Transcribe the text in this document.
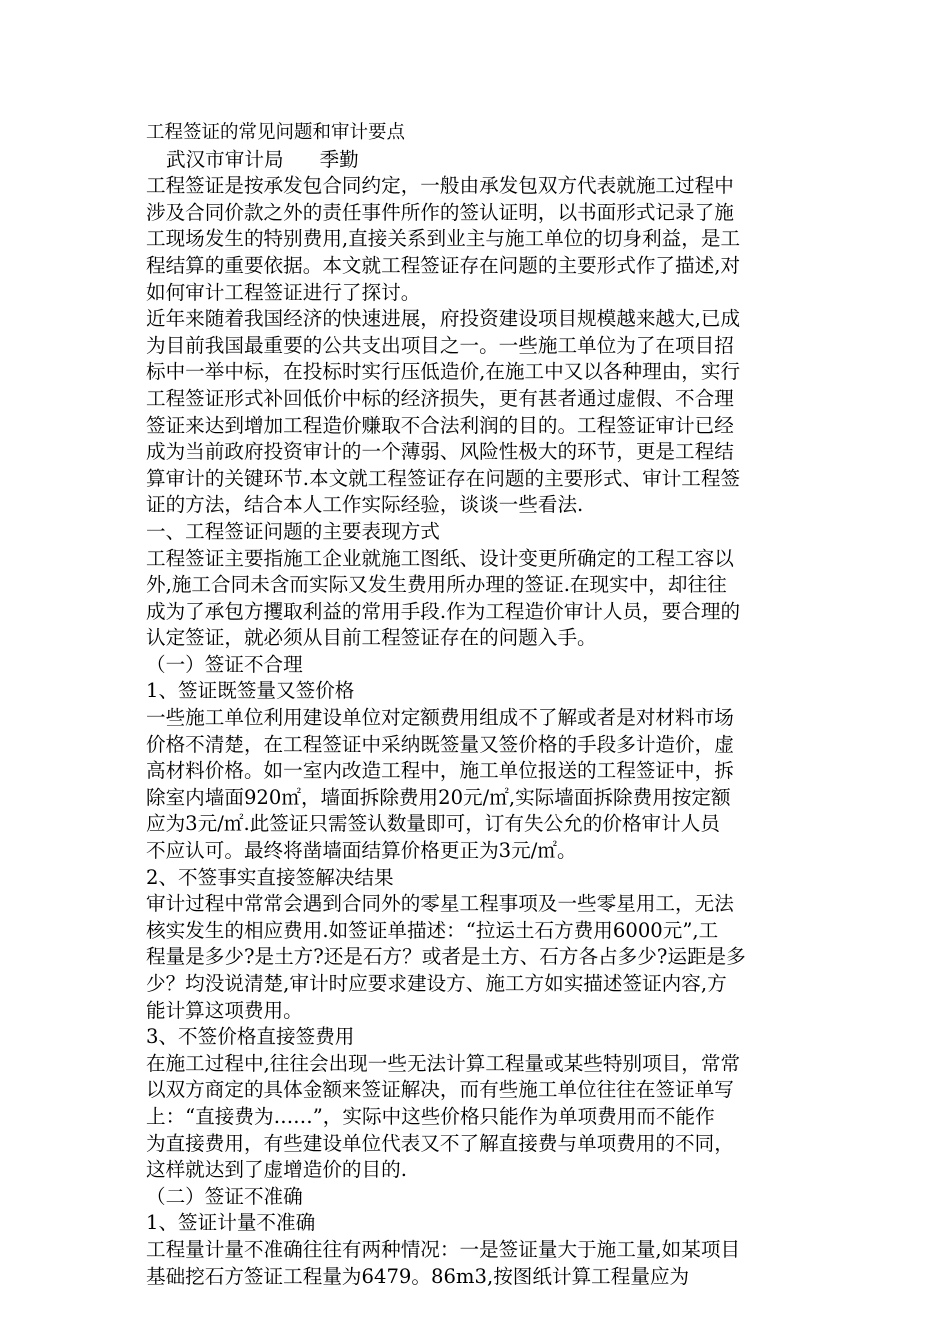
工程签证的常见问题和审计要点
武汉市审计局 季勤
工程签证是按承发包合同约定，一般由承发包双方代表就施工过程中
涉及合同价款之外的责任事件所作的签认证明，以书面形式记录了施
工现场发生的特别费用,直接关系到业主与施工单位的切身利益，是工
程结算的重要依据。本文就工程签证存在问题的主要形式作了描述,对
如何审计工程签证进行了探讨。
近年来随着我国经济的快速进展，府投资建设项目规模越来越大,已成
为目前我国最重要的公共支出项目之一。一些施工单位为了在项目招
标中一举中标，在投标时实行压低造价,在施工中又以各种理由，实行
工程签证形式补回低价中标的经济损失，更有甚者通过虚假、不合理
签证来达到增加工程造价赚取不合法利润的目的。工程签证审计已经
成为当前政府投资审计的一个薄弱、风险性极大的环节，更是工程结
算审计的关键环节.本文就工程签证存在问题的主要形式、审计工程签
证的方法，结合本人工作实际经验，谈谈一些看法.
一、工程签证问题的主要表现方式
工程签证主要指施工企业就施工图纸、设计变更所确定的工程工容以
外,施工合同未含而实际又发生费用所办理的签证.在现实中，却往往
成为了承包方攫取利益的常用手段.作为工程造价审计人员，要合理的
认定签证，就必须从目前工程签证存在的问题入手。
（一）签证不合理
1、签证既签量又签价格
一些施工单位利用建设单位对定额费用组成不了解或者是对材料市场
价格不清楚，在工程签证中采纳既签量又签价格的手段多计造价，虚
高材料价格。如一室内改造工程中，施工单位报送的工程签证中，拆
除室内墙面920㎡，墙面拆除费用20元/㎡,实际墙面拆除费用按定额
应为3元/㎡.此签证只需签认数量即可，订有失公允的价格审计人员
不应认可。最终将凿墙面结算价格更正为3元/㎡。
2、不签事实直接签解决结果
审计过程中常常会遇到合同外的零星工程事项及一些零星用工，无法
核实发生的相应费用.如签证单描述：“拉运土石方费用6000元”,工
程量是多少?是土方?还是石方？或者是土方、石方各占多少?运距是多
少？均没说清楚,审计时应要求建设方、施工方如实描述签证内容,方
能计算这项费用。
3、不签价格直接签费用
在施工过程中,往往会出现一些无法计算工程量或某些特别项目，常常
以双方商定的具体金额来签证解决，而有些施工单位往往在签证单写
上：“直接费为……”，实际中这些价格只能作为单项费用而不能作
为直接费用，有些建设单位代表又不了解直接费与单项费用的不同，
这样就达到了虚增造价的目的.
（二）签证不准确
1、签证计量不准确
工程量计量不准确往往有两种情况：一是签证量大于施工量,如某项目
基础挖石方签证工程量为6479。86m3,按图纸计算工程量应为
